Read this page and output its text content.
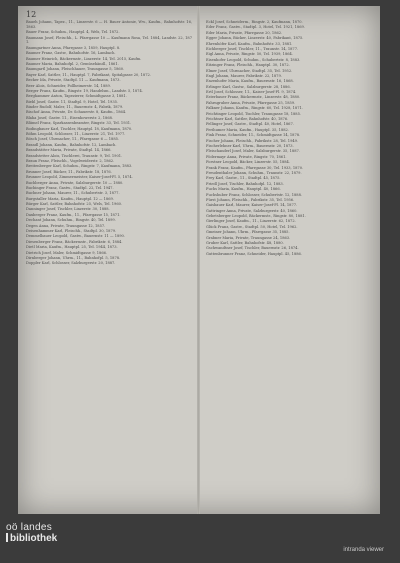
12
Baueh Johann, Tapez., 11., Linzerstr. 6 — H. Bauer Antonie, Ww., Kaufm., Bahnhofstr. 16, 1863.
Bauer Franz, Schuhm., Hauptpl. 4, Wels, Tel. 1872.
Baumann Josef, Fleischh., L. Pfarrgasse 10 — Kaufmann Rosa, Tel. 1884, Landstr. 22, 1871.
Baumgartner Anna, Pfarrgasse 3, 1859, Hauptpl. 8.
Baumer Franz, Gastw., Bahnhofstr. 16, Lambach.
Baumer Heinrich, Bäckermstr., Linzerstr. 14, Tel. 2015, Kaufm.
Baumer Maria, Bahnhofpl. 2, Gemüsehändl., 1861.
Baumgartl Johann, Fleischhauer, Traungasse 5, 1860.
Bayer Karl, Sattler, 11., Hauptpl. 7, Fabrikant, Spitalgasse 20, 1872.
Becker Ida, Private, Stadtpl. 11 — Kaufmann, 1873.
Beer Alois, Schneider, Pollheimerstr. 14, 1889.
Berger Franz, Kaufm., Ringstr. 19, Handelsm., Landstr. 5, 1874.
Berghammer Anton, Tapezierer, Schmidtgasse 3, 1881.
Biebl Josef, Gastw. 11, Stadtpl. 9, Hotel, Tel. 1935.
Binder Rudolf, Maler, 11., Bauernstr. 4, Fabrik, 1879.
Bischof Anna, Private, Dr. Schauerstr. 8, Kaufm., 1864.
Blaha Josef, Gastw. 11., Eisenhowerstr. 2, 1868.
Blümel Franz, Sparkassenbeamter, Ringstr. 33, Tel. 1931.
Bodingbauer Karl, Tischler, Hauptpl. 18, Kaufmann, 1870.
Böhm Leopold, Schlosser, 11., Linzerstr. 21, Tel. 1977.
Bösch Josef, Uhrmacher, 11., Pfarrgasse 6 — 1885.
Brandl Johann, Kaufm., Bahnhofstr. 12, Lambach.
Brandstätter Maria, Private, Stadtpl. 14, 1866.
Brandstetter Alois, Tischlerei, Traunstr. 9, Tel. 1901.
Braun Franz, Fleischh., Vogelweiderstr. 2, 1862.
Breitenberger Karl, Schuhm., Ringstr. 7, Kaufmann, 1883.
Brunner Josef, Bäcker, 11., Fabrikstr. 18, 1876.
Brunner Leopold, Zimmermeister, Kaiser-Josef-Pl. 5, 1874.
Buchberger Anna, Private, Salzburgerstr. 10 — 1880.
Buchinger Franz, Gastw., Stadtpl. 22, Tel. 1947.
Buchner Johann, Maurer, 11., Schubertstr. 3, 1877.
Burgstaller Maria, Kaufm., Hauptpl. 12 — 1869.
Bürger Karl, Sattler, Bahnhofstr. 25, Wels, Tel. 1960.
Danninger Josef, Tischler, Linzerstr. 30, 1888.
Daxberger Franz, Kaufm., 11., Pfarrgasse 15, 1871.
Dechant Johann, Schuhm., Ringstr. 40, Tel. 1899.
Degen Anna, Private, Traungasse 12, 1857.
Deisenhammer Karl, Fleischh., Stadtpl. 30, 1879.
Demmelbauer Leopold, Gastw., Bauernstr. 11 — 1890.
Diesenberger Franz, Bäckermstr., Fabrikstr. 6, 1884.
Dietl Maria, Kaufm., Hauptpl. 25, Tel. 1944, 1873.
Dietrich Josef, Maler, Schmidtgasse 9, 1866.
Dirnberger Johann, Uhrm., 11., Bahnhofpl. 5, 1878.
Doppler Karl, Schlosser, Salzburgerstr. 20, 1887.
Eckl Josef, Schneiderm., Ringstr. 2, Kaufmann, 1870.
Eder Franz, Gastw., Stadtpl. 3, Hotel, Tel. 1921, 1869.
Eder Maria, Private, Pfarrgasse 20, 1862.
Egger Johann, Bäcker, Linzerstr. 40, Fabrikant, 1875.
Ehrenhöfer Karl, Kaufm., Bahnhofstr. 33, 1881.
Eichberger Josef, Tischler, 11., Traunstr. 14, 1877.
Eigl Anna, Private, Ringstr. 50, Tel. 1939, 1864.
Eisenhofer Leopold, Schuhm., Schubertstr. 8, 1883.
Eitzinger Franz, Fleischh., Hauptpl. 30, 1872.
Elmer Josef, Uhrmacher, Stadtpl. 35, Tel. 1952.
Engl Johann, Maurer, Fabrikstr. 22, 1879.
Enzenhofer Maria, Kaufm., Bauernstr. 16, 1868.
Erlinger Karl, Gastw., Salzburgerstr. 28, 1886.
Ertl Josef, Schlosser, 11., Kaiser-Josef-Pl. 9, 1874.
Esterbauer Franz, Bäckermstr., Linzerstr. 48, 1880.
Fahrngruber Anna, Private, Pfarrgasse 25, 1859.
Falkner Johann, Kaufm., Ringstr. 60, Tel. 1928, 1871.
Feichtinger Leopold, Tischler, Traungasse 18, 1885.
Feichtner Karl, Sattler, Bahnhofstr. 40, 1876.
Fellinger Josef, Gastw., Stadtpl. 40, Hotel, 1867.
Ferihumer Maria, Kaufm., Hauptpl. 35, 1882.
Fink Franz, Schneider, 11., Schmidtgasse 14, 1878.
Fischer Johann, Fleischh., Fabrikstr. 28, Tel. 1949.
Fischerlehner Karl, Uhrm., Bauernstr. 20, 1873.
Fleischanderl Josef, Maler, Salzburgerstr. 35, 1887.
Födermayr Anna, Private, Ringstr. 70, 1861.
Forstner Leopold, Bäcker, Linzerstr. 55, 1884.
Frank Franz, Kaufm., Pfarrgasse 30, Tel. 1933, 1870.
Freudenthaler Johann, Schuhm., Traunstr. 22, 1879.
Frey Karl, Gastw., 11., Stadtpl. 45, 1875.
Friedl Josef, Tischler, Bahnhofpl. 12, 1883.
Fuchs Maria, Kaufm., Hauptpl. 40, 1866.
Fuchshuber Franz, Schlosser, Schubertstr. 12, 1888.
Fürst Johann, Fleischh., Fabrikstr. 35, Tel. 1956.
Gaisbauer Karl, Maurer, Kaiser-Josef-Pl. 14, 1877.
Gattringer Anna, Private, Salzburgerstr. 40, 1860.
Gebetsberger Leopold, Bäckermstr., Ringstr. 80, 1881.
Gierlinger Josef, Kaufm., 11., Linzerstr. 62, 1872.
Glück Franz, Gastw., Stadtpl. 50, Hotel, Tel. 1962.
Gmeiner Johann, Uhrm., Pfarrgasse 35, 1885.
Grabner Maria, Private, Traungasse 24, 1863.
Gruber Karl, Sattler, Bahnhofstr. 48, 1880.
Gschwandtner Josef, Tischler, Bauernstr. 26, 1874.
Guttenbrunner Franz, Schneider, Hauptpl. 45, 1886.
oö landes
bibliothek
intranda viewer
